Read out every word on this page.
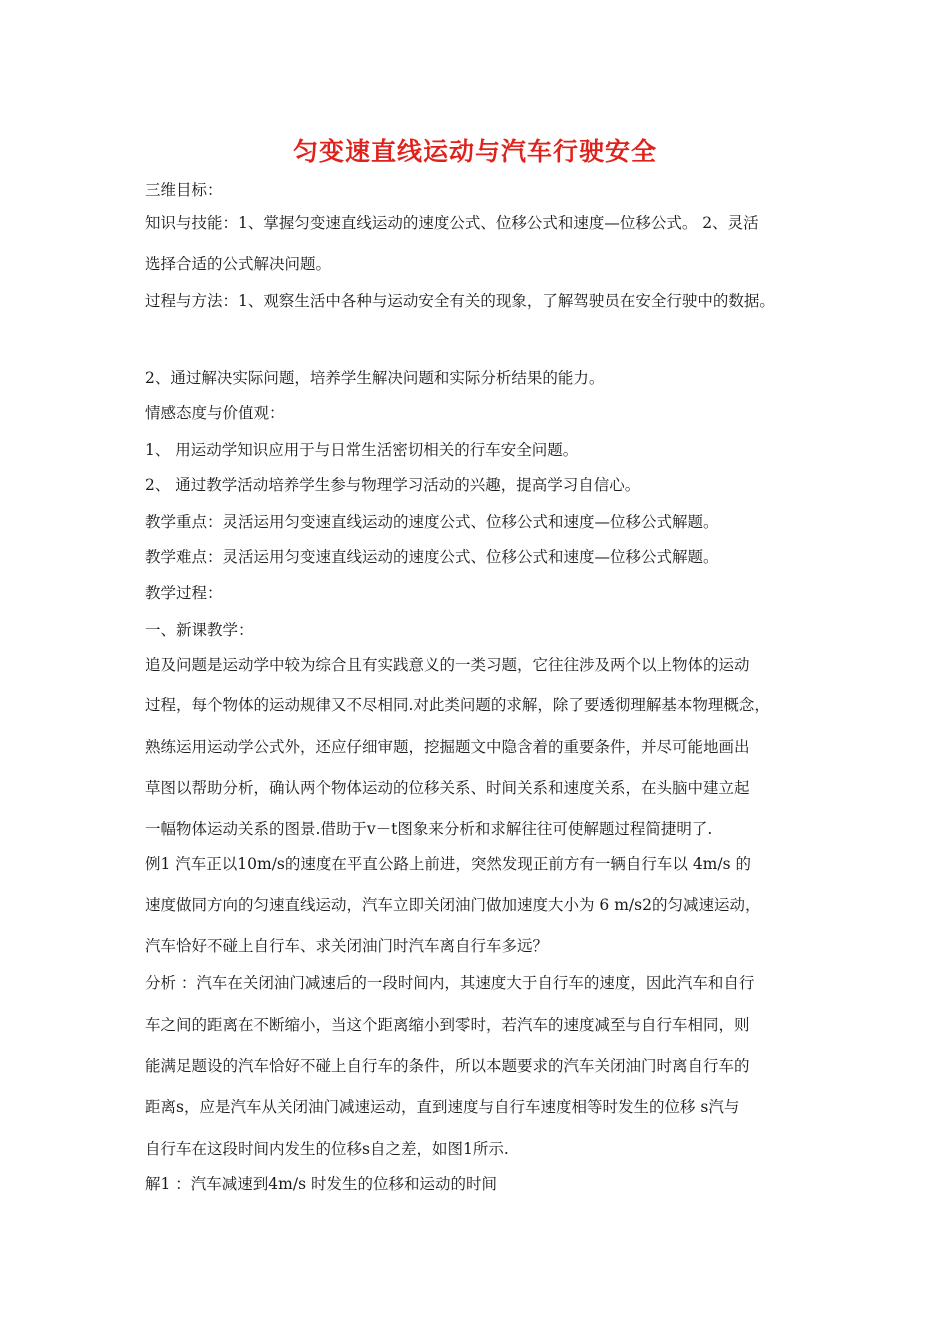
匀变速直线运动与汽车行驶安全
三维目标：
知识与技能：1、掌握匀变速直线运动的速度公式、位移公式和速度—位移公式。 2、灵活
选择合适的公式解决问题。
过程与方法：1、观察生活中各种与运动安全有关的现象，了解驾驶员在安全行驶中的数据。
2、通过解决实际问题，培养学生解决问题和实际分析结果的能力。
情感态度与价值观：
1、 用运动学知识应用于与日常生活密切相关的行车安全问题。
2、 通过教学活动培养学生参与物理学习活动的兴趣，提高学习自信心。
教学重点：灵活运用匀变速直线运动的速度公式、位移公式和速度—位移公式解题。
教学难点：灵活运用匀变速直线运动的速度公式、位移公式和速度—位移公式解题。
教学过程：
一、新课教学：
追及问题是运动学中较为综合且有实践意义的一类习题，它往往涉及两个以上物体的运动
过程，每个物体的运动规律又不尽相同.对此类问题的求解，除了要透彻理解基本物理概念，
熟练运用运动学公式外，还应仔细审题，挖掘题文中隐含着的重要条件，并尽可能地画出
草图以帮助分析，确认两个物体运动的位移关系、时间关系和速度关系，在头脑中建立起
一幅物体运动关系的图景.借助于v－t图象来分析和求解往往可使解题过程简捷明了.
例1 汽车正以10m/s的速度在平直公路上前进，突然发现正前方有一辆自行车以 4m/s 的
速度做同方向的匀速直线运动，汽车立即关闭油门做加速度大小为 6 m/s2的匀减速运动，
汽车恰好不碰上自行车、求关闭油门时汽车离自行车多远？
分析 ：汽车在关闭油门减速后的一段时间内，其速度大于自行车的速度，因此汽车和自行
车之间的距离在不断缩小，当这个距离缩小到零时，若汽车的速度减至与自行车相同，则
能满足题设的汽车恰好不碰上自行车的条件，所以本题要求的汽车关闭油门时离自行车的
距离s，应是汽车从关闭油门减速运动，直到速度与自行车速度相等时发生的位移 s汽与
自行车在这段时间内发生的位移s自之差，如图1所示.
解1 ：汽车减速到4m/s 时发生的位移和运动的时间
